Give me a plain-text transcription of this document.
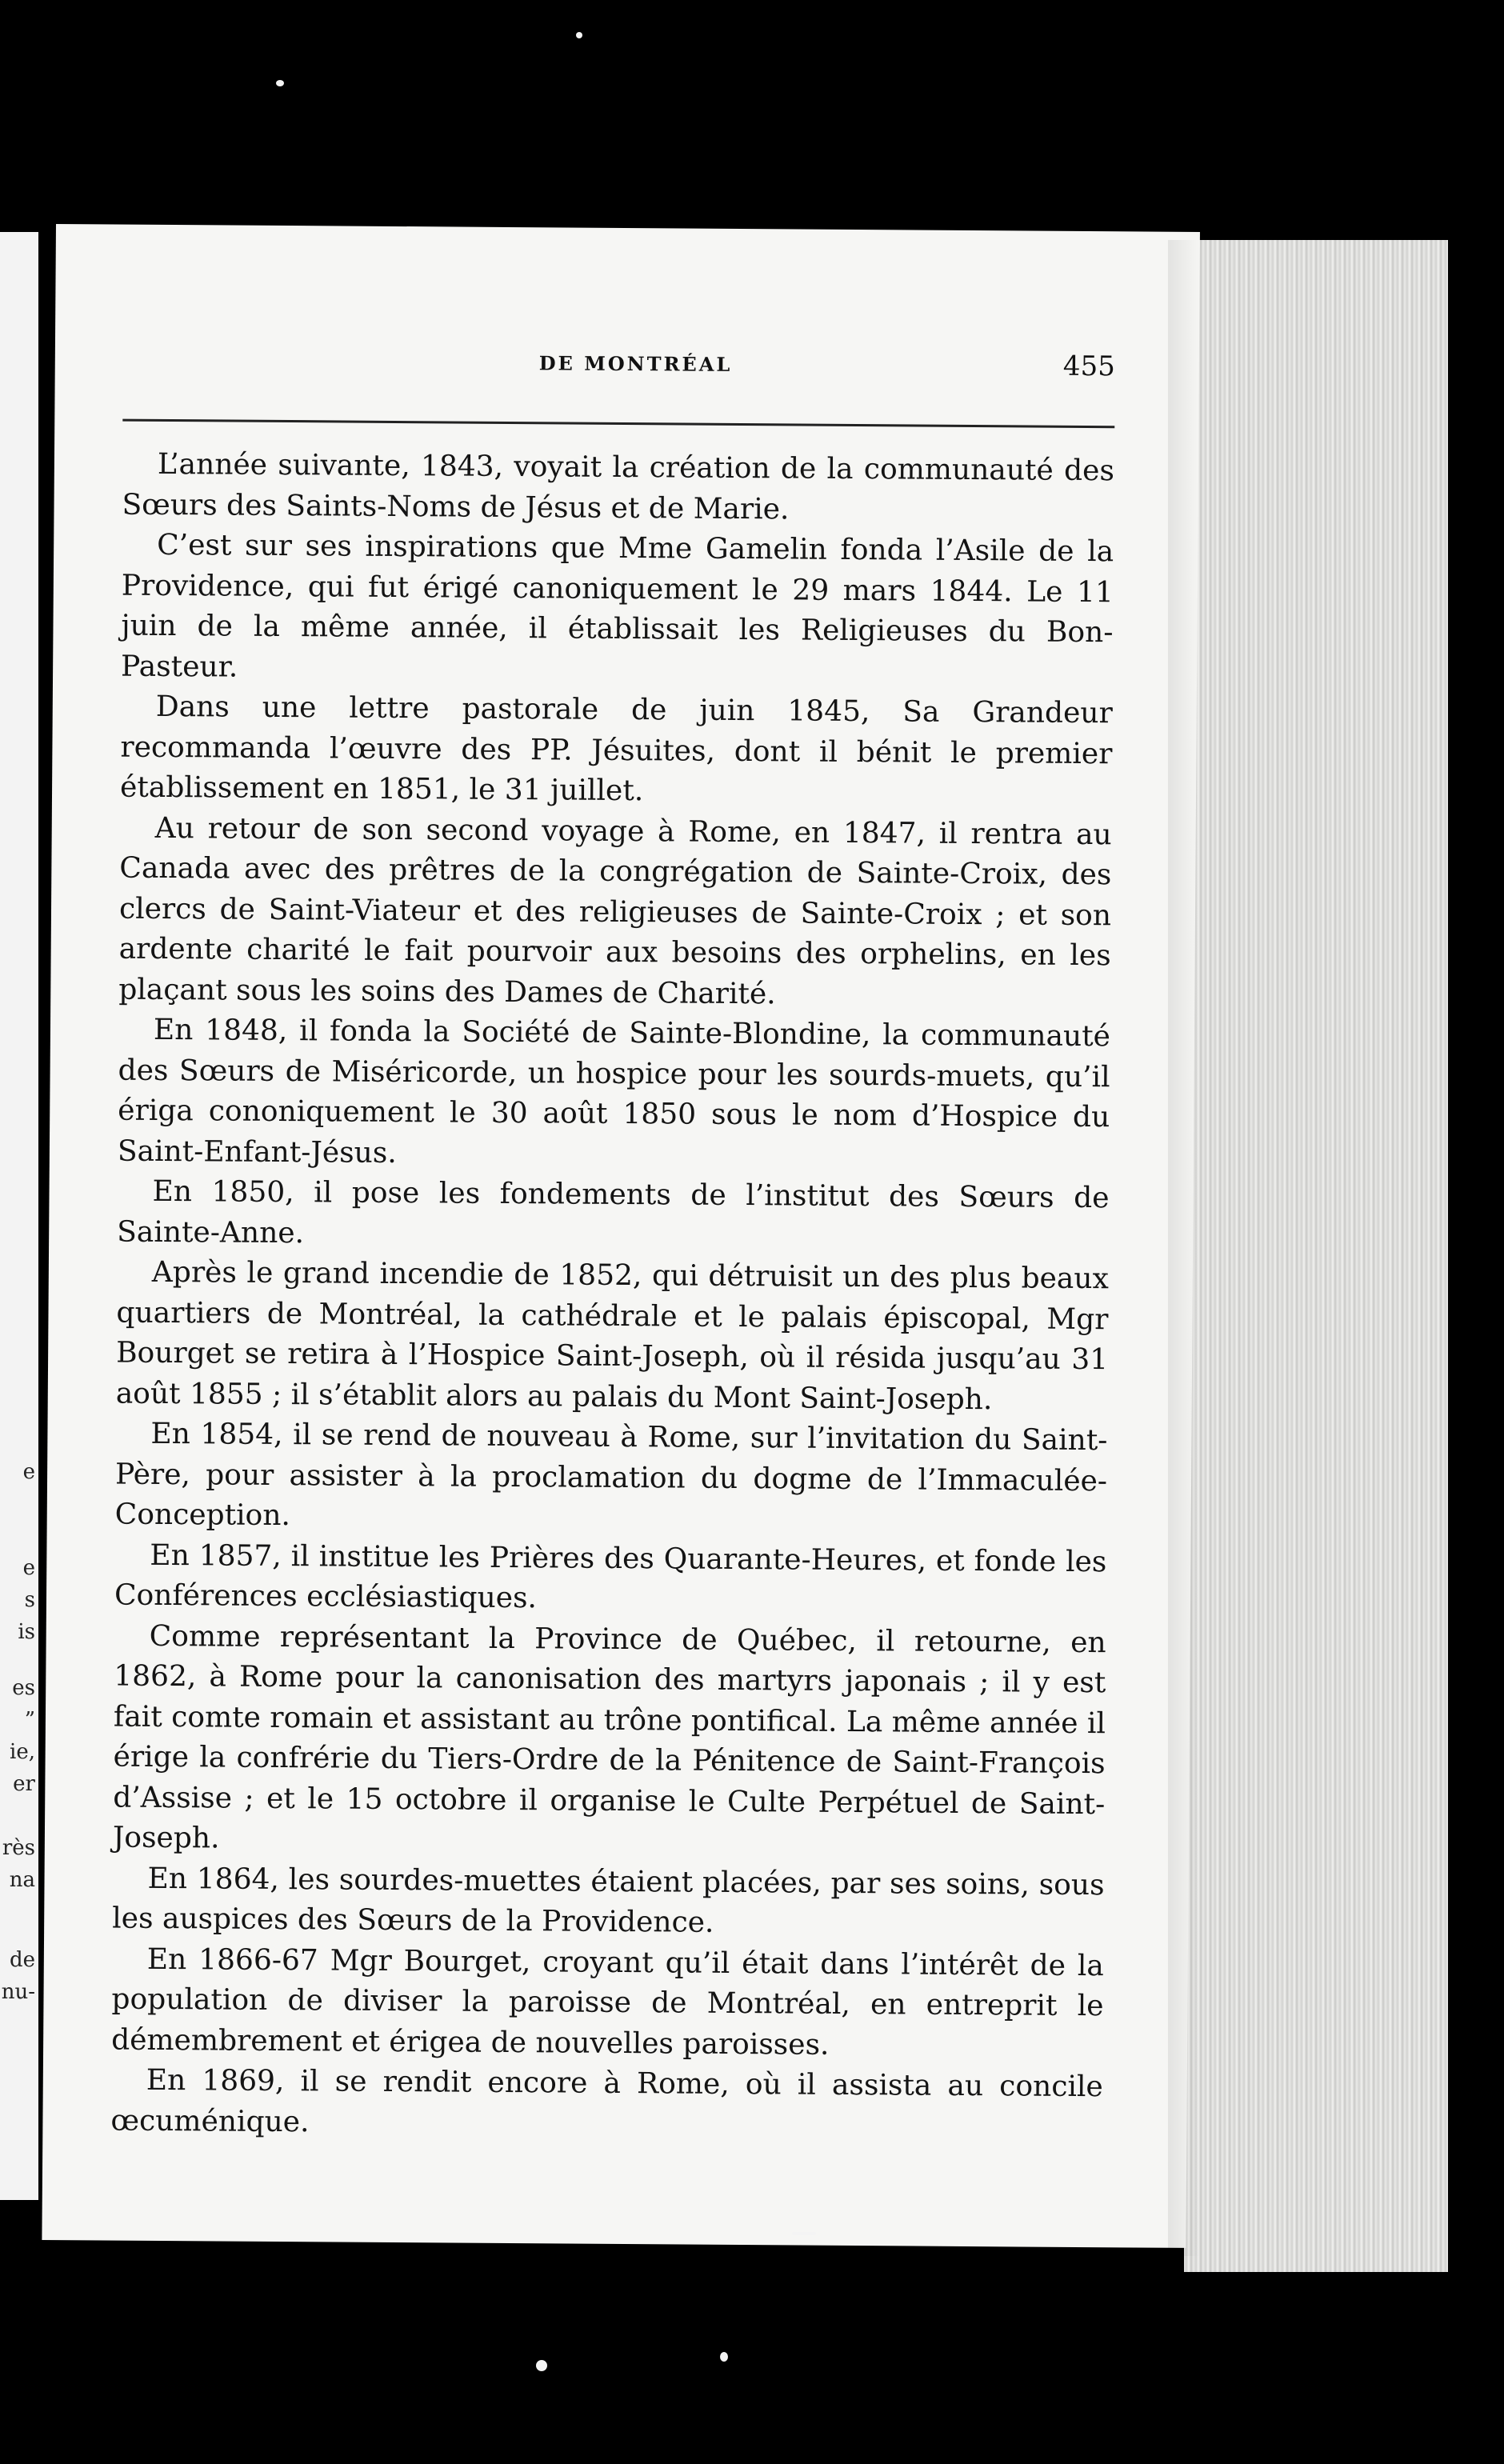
e
e
s
is
es
”
ie,
er
rès
na
de
nu-
DE MONTRÉAL	455

L’année suivante, 1843, voyait la création de la communauté des Sœurs des Saints-Noms de Jésus et de Marie.

C’est sur ses inspirations que Mme Gamelin fonda l’Asile de la Providence, qui fut érigé canoniquement le 29 mars 1844. Le 11 juin de la même année, il établissait les Religieuses du Bon-Pasteur.

Dans une lettre pastorale de juin 1845, Sa Grandeur recommanda l’œuvre des PP. Jésuites, dont il bénit le premier établissement en 1851, le 31 juillet.

Au retour de son second voyage à Rome, en 1847, il rentra au Canada avec des prêtres de la congrégation de Sainte-Croix, des clercs de Saint-Viateur et des religieuses de Sainte-Croix ; et son ardente charité le fait pourvoir aux besoins des orphelins, en les plaçant sous les soins des Dames de Charité.

En 1848, il fonda la Société de Sainte-Blondine, la communauté des Sœurs de Miséricorde, un hospice pour les sourds-muets, qu’il ériga cononiquement le 30 août 1850 sous le nom d’Hospice du Saint-Enfant-Jésus.

En 1850, il pose les fondements de l’institut des Sœurs de Sainte-Anne.

Après le grand incendie de 1852, qui détruisit un des plus beaux quartiers de Montréal, la cathédrale et le palais épiscopal, Mgr Bourget se retira à l’Hospice Saint-Joseph, où il résida jusqu’au 31 août 1855 ; il s’établit alors au palais du Mont Saint-Joseph.

En 1854, il se rend de nouveau à Rome, sur l’invitation du Saint-Père, pour assister à la proclamation du dogme de l’Immaculée-Conception.

En 1857, il institue les Prières des Quarante-Heures, et fonde les Conférences ecclésiastiques.

Comme représentant la Province de Québec, il retourne, en 1862, à Rome pour la canonisation des martyrs japonais ; il y est fait comte romain et assistant au trône pontifical. La même année il érige la confrérie du Tiers-Ordre de la Pénitence de Saint-François d’Assise ; et le 15 octobre il organise le Culte Perpétuel de Saint-Joseph.

En 1864, les sourdes-muettes étaient placées, par ses soins, sous les auspices des Sœurs de la Providence.

En 1866-67 Mgr Bourget, croyant qu’il était dans l’intérêt de la population de diviser la paroisse de Montréal, en entreprit le démembrement et érigea de nouvelles paroisses.

En 1869, il se rendit encore à Rome, où il assista au concile œcuménique.
